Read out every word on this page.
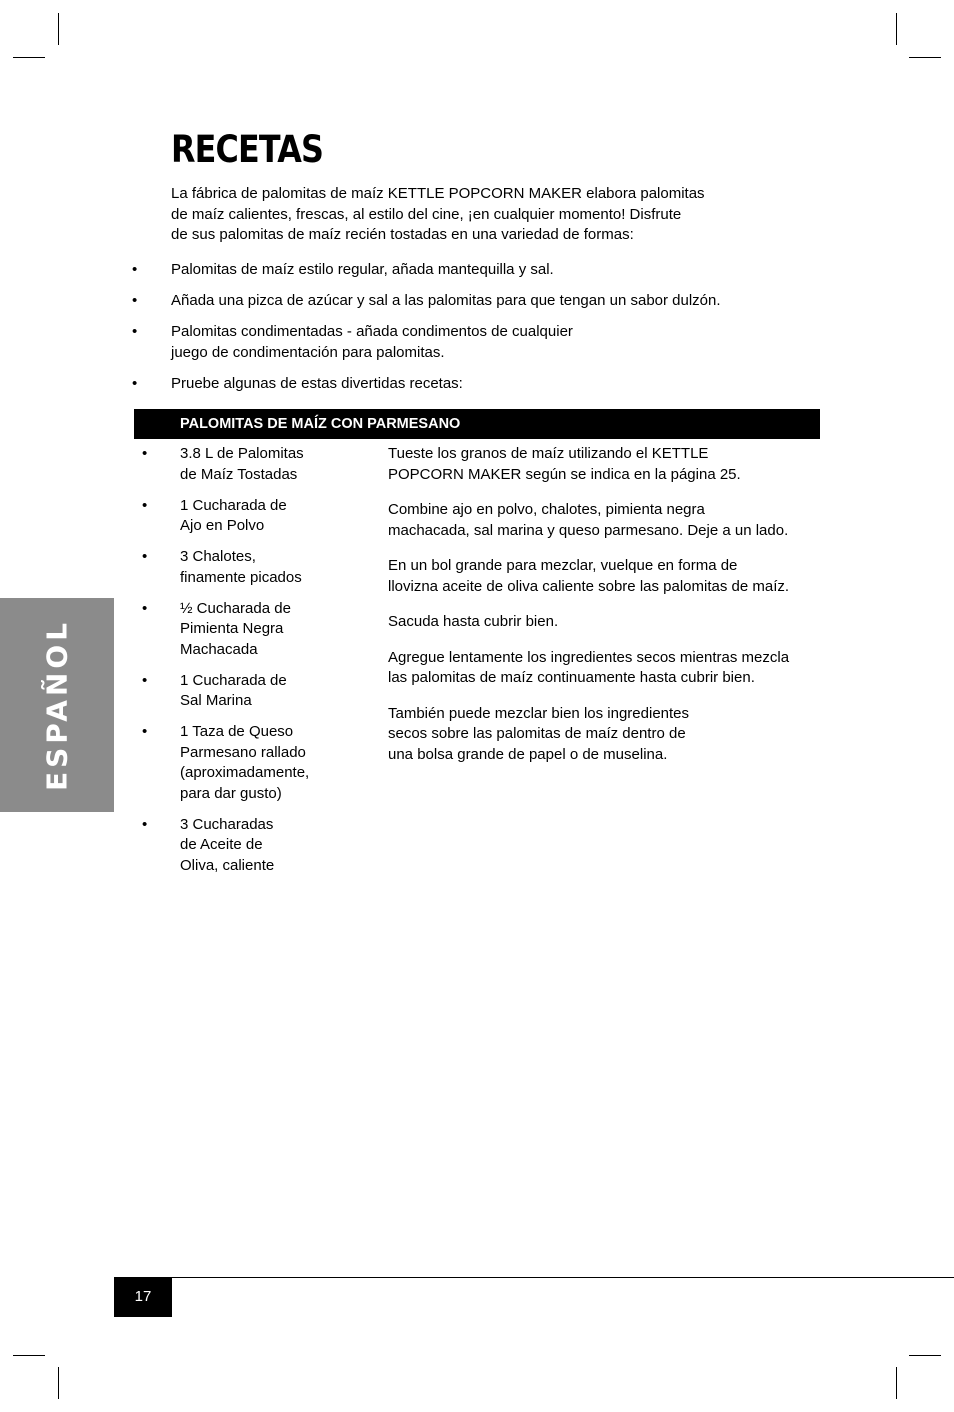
RECETAS
La fábrica de palomitas de maíz KETTLE POPCORN MAKER elabora palomitas
de maíz calientes, frescas, al estilo del cine, ¡en cualquier momento! Disfrute
de sus palomitas de maíz recién tostadas en una variedad de formas:
• Palomitas de maíz estilo regular, añada mantequilla y sal.
• Añada una pizca de azúcar y sal a las palomitas para que tengan un sabor dulzón.
• Palomitas condimentadas - añada condimentos de cualquier
juego de condimentación para palomitas.
• Pruebe algunas de estas divertidas recetas:
PALOMITAS DE MAÍZ CON PARMESANO
• 3.8 L de Palomitas
de Maíz Tostadas
• 1 Cucharada de
Ajo en Polvo
• 3 Chalotes,
finamente picados
• ½ Cucharada de
Pimienta Negra
Machacada
• 1 Cucharada de
Sal Marina
• 1 Taza de Queso
Parmesano rallado
(aproximadamente,
para dar gusto)
• 3 Cucharadas
de Aceite de
Oliva, caliente

Tueste los granos de maíz utilizando el KETTLE
POPCORN MAKER según se indica en la página 25.

Combine ajo en polvo, chalotes, pimienta negra
machacada, sal marina y queso parmesano. Deje a un lado.

En un bol grande para mezclar, vuelque en forma de
llovizna aceite de oliva caliente sobre las palomitas de maíz.

Sacuda hasta cubrir bien.

Agregue lentamente los ingredientes secos mientras mezcla
las palomitas de maíz continuamente hasta cubrir bien.

También puede mezclar bien los ingredientes
secos sobre las palomitas de maíz dentro de
una bolsa grande de papel o de muselina.

ESPAÑOL
17
